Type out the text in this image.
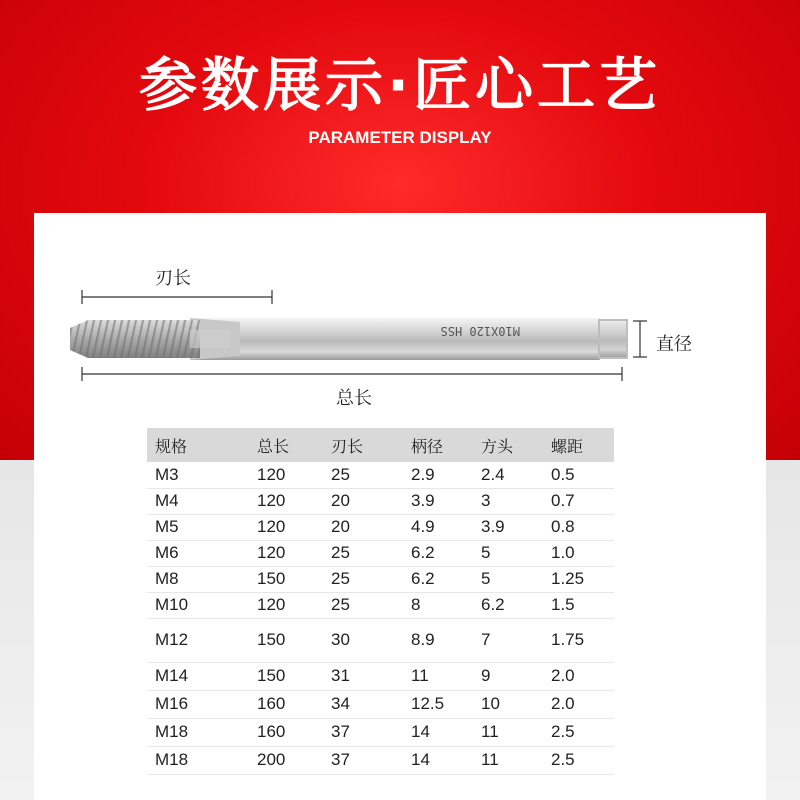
参数展示·匠心工艺
PARAMETER DISPLAY
M10X120 HSS
刃长
总长
直径
规格	总长	刃长	柄径	方头	螺距
M3	120	25	2.9	2.4	0.5
M4	120	20	3.9	3	0.7
M5	120	20	4.9	3.9	0.8
M6	120	25	6.2	5	1.0
M8	150	25	6.2	5	1.25
M10	120	25	8	6.2	1.5
M12	150	30	8.9	7	1.75
M14	150	31	11	9	2.0
M16	160	34	12.5	10	2.0
M18	160	37	14	11	2.5
M18	200	37	14	11	2.5
